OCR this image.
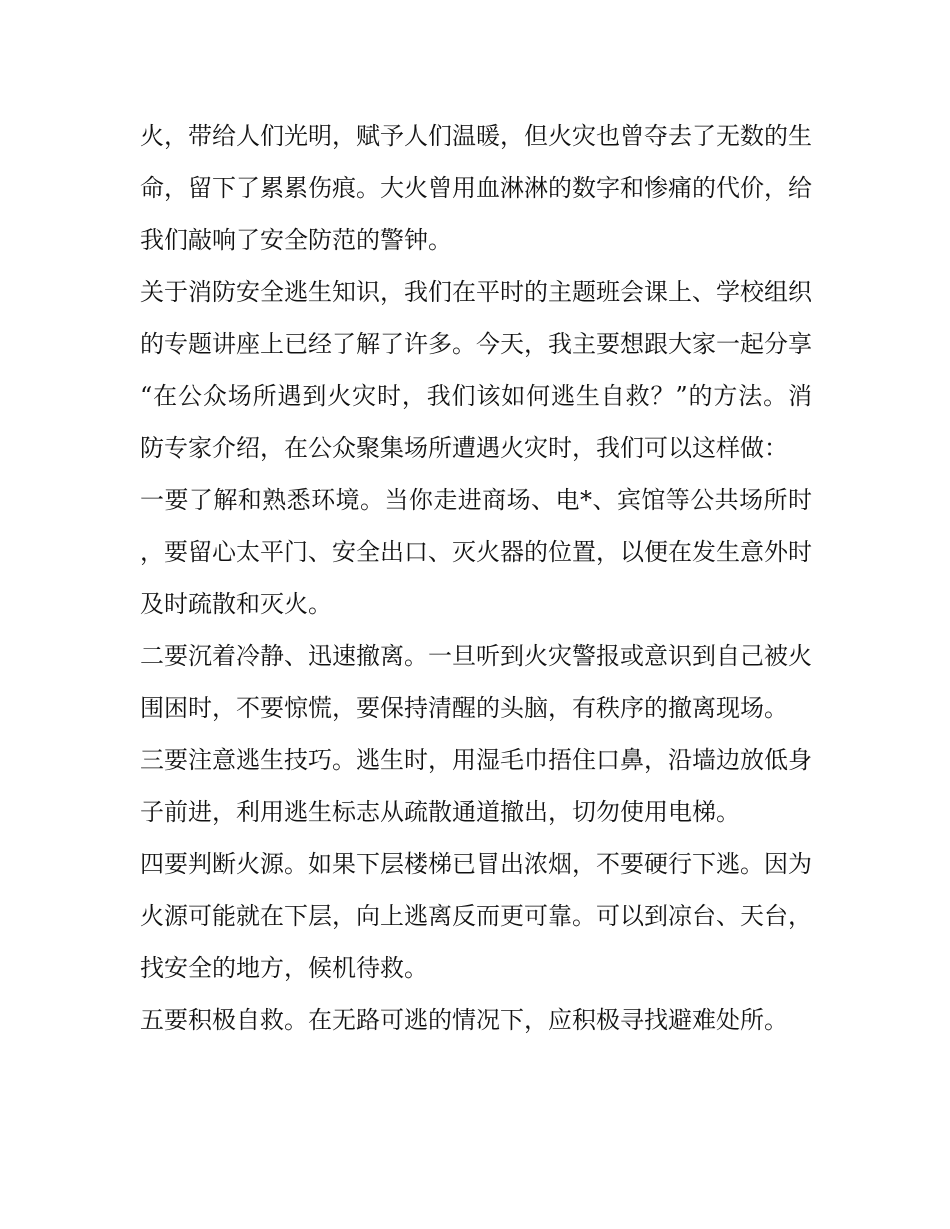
火，带给人们光明，赋予人们温暖，但火灾也曾夺去了无数的生命，留下了累累伤痕。大火曾用血淋淋的数字和惨痛的代价，给我们敲响了安全防范的警钟。

关于消防安全逃生知识，我们在平时的主题班会课上、学校组织的专题讲座上已经了解了许多。今天，我主要想跟大家一起分享“在公众场所遇到火灾时，我们该如何逃生自救？”的方法。消防专家介绍，在公众聚集场所遭遇火灾时，我们可以这样做：

一要了解和熟悉环境。当你走进商场、电*、宾馆等公共场所时，要留心太平门、安全出口、灭火器的位置，以便在发生意外时及时疏散和灭火。

二要沉着冷静、迅速撤离。一旦听到火灾警报或意识到自己被火围困时，不要惊慌，要保持清醒的头脑，有秩序的撤离现场。

三要注意逃生技巧。逃生时，用湿毛巾捂住口鼻，沿墙边放低身子前进，利用逃生标志从疏散通道撤出，切勿使用电梯。

四要判断火源。如果下层楼梯已冒出浓烟，不要硬行下逃。因为火源可能就在下层，向上逃离反而更可靠。可以到凉台、天台，找安全的地方，候机待救。

五要积极自救。在无路可逃的情况下，应积极寻找避难处所。
